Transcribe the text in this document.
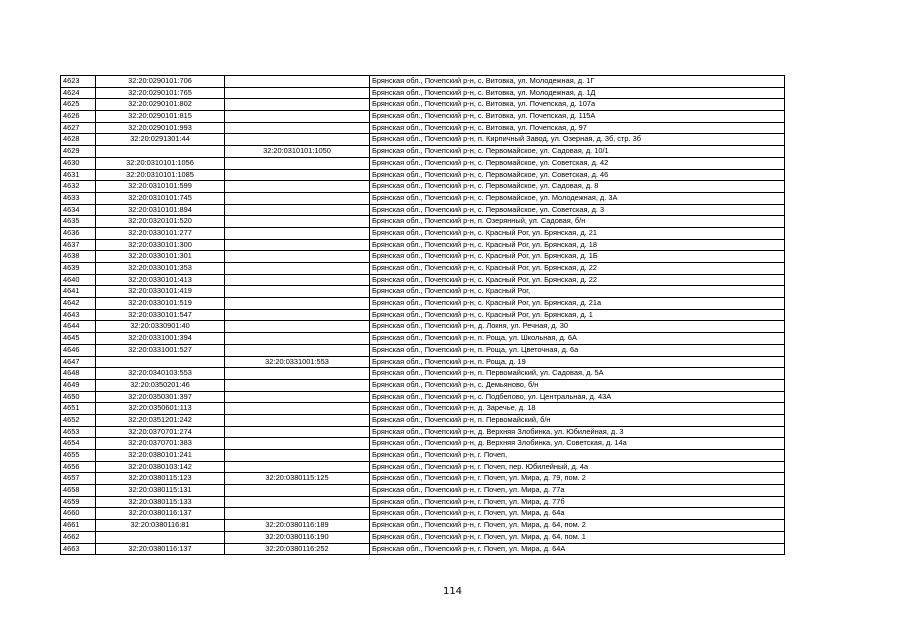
4623	32:20:0290101:706		Брянская обл., Почепский р-н, с. Витовка, ул. Молодежная, д. 1Г
4624	32:20:0290101:765		Брянская обл., Почепский р-н, с. Витовка, ул. Молодежная, д. 1Д
4625	32:20:0290101:802		Брянская обл., Почепский р-н, с. Витовка, ул. Почепская, д. 107а
4626	32:20:0290101:815		Брянская обл., Почепский р-н, с. Витовка, ул. Почепская, д. 115А
4627	32:20:0290101:993		Брянская обл., Почепский р-н, с. Витовка, ул. Почепская, д. 97
4628	32:20:0291301:44		Брянская обл., Почепский р-н, п. Кирпичный Завод, ул. Озерная, д. 3б, стр. 3б
4629		32:20:0310101:1050	Брянская обл., Почепский р-н, с. Первомайское, ул. Садовая, д. 10/1
4630	32:20:0310101:1056		Брянская обл., Почепский р-н, с. Первомайское, ул. Советская, д. 42
4631	32:20:0310101:1085		Брянская обл., Почепский р-н, с. Первомайское, ул. Советская, д. 46
4632	32:20:0310101:599		Брянская обл., Почепский р-н, с. Первомайское, ул. Садовая, д. 8
4633	32:20:0310101:745		Брянская обл., Почепский р-н, с. Первомайское, ул. Молодежная, д. 3А
4634	32:20:0310101:894		Брянская обл., Почепский р-н, с. Первомайское, ул. Советская, д. 3
4635	32:20:0320101:520		Брянская обл., Почепский р-н, п. Озерянный, ул. Садовая, б/н
4636	32:20:0330101:277		Брянская обл., Почепский р-н, с. Красный Рог, ул. Брянская, д. 21
4637	32:20:0330101:300		Брянская обл., Почепский р-н, с. Красный Рог, ул. Брянская, д. 18
4638	32:20:0330101:301		Брянская обл., Почепский р-н, с. Красный Рог, ул. Брянская, д. 1Б
4639	32:20:0330101:353		Брянская обл., Почепский р-н, с. Красный Рог, ул. Брянская, д. 22
4640	32:20:0330101:413		Брянская обл., Почепский р-н, с. Красный Рог, ул. Брянская, д. 22
4641	32:20:0330101:419		Брянская обл., Почепский р-н, с. Красный Рог,
4642	32:20:0330101:519		Брянская обл., Почепский р-н, с. Красный Рог, ул. Брянская, д. 21а
4643	32:20:0330101:547		Брянская обл., Почепский р-н, с. Красный Рог, ул. Брянская, д. 1
4644	32:20:0330901:40		Брянская обл., Почепский р-н, д. Локня, ул. Речная, д. 30
4645	32:20:0331001:394		Брянская обл., Почепский р-н, п. Роща, ул. Школьная, д. 6А
4646	32:20:0331001:527		Брянская обл., Почепский р-н, п. Роща, ул. Цветочная, д. 6а
4647		32:20:0331001:553	Брянская обл., Почепский р-н, п. Роща, д. 19
4648	32:20:0340103:553		Брянская обл., Почепский р-н, п. Первомайский, ул. Садовая, д. 5А
4649	32:20:0350201:46		Брянская обл., Почепский р-н, с. Демьяново, б/н
4650	32:20:0350301:397		Брянская обл., Почепский р-н, с. Подбелово, ул. Центральная, д. 43А
4651	32:20:0350601:113		Брянская обл., Почепский р-н, д. Заречье, д. 18
4652	32:20:0351201:242		Брянская обл., Почепский р-н, п. Первомайский, б/н
4653	32:20:0370701:274		Брянская обл., Почепский р-н, д. Верхняя Злобинка, ул. Юбилейная, д. 3
4654	32:20:0370701:383		Брянская обл., Почепский р-н, д. Верхняя Злобинка, ул. Советская, д. 14а
4655	32:20:0380101:241		Брянская обл., Почепский р-н, г. Почеп,
4656	32:20:0380103:142		Брянская обл., Почепский р-н, г. Почеп, пер. Юбилейный, д. 4а
4657	32:20:0380115:123	32:20:0380115:125	Брянская обл., Почепский р-н, г. Почеп, ул. Мира, д. 79, пом. 2
4658	32:20:0380115:131		Брянская обл., Почепский р-н, г. Почеп, ул. Мира, д. 77а
4659	32:20:0380115:133		Брянская обл., Почепский р-н, г. Почеп, ул. Мира, д. 77б
4660	32:20:0380116:137		Брянская обл., Почепский р-н, г. Почеп, ул. Мира, д. 64а
4661	32:20:0380116:81	32:20:0380116:189	Брянская обл., Почепский р-н, г. Почеп, ул. Мира, д. 64, пом. 2
4662		32:20:0380116:190	Брянская обл., Почепский р-н, г. Почеп, ул. Мира, д. 64, пом. 1
4663	32:20:0380116:137	32:20:0380116:252	Брянская обл., Почепский р-н, г. Почеп, ул. Мира, д. 64А
114
